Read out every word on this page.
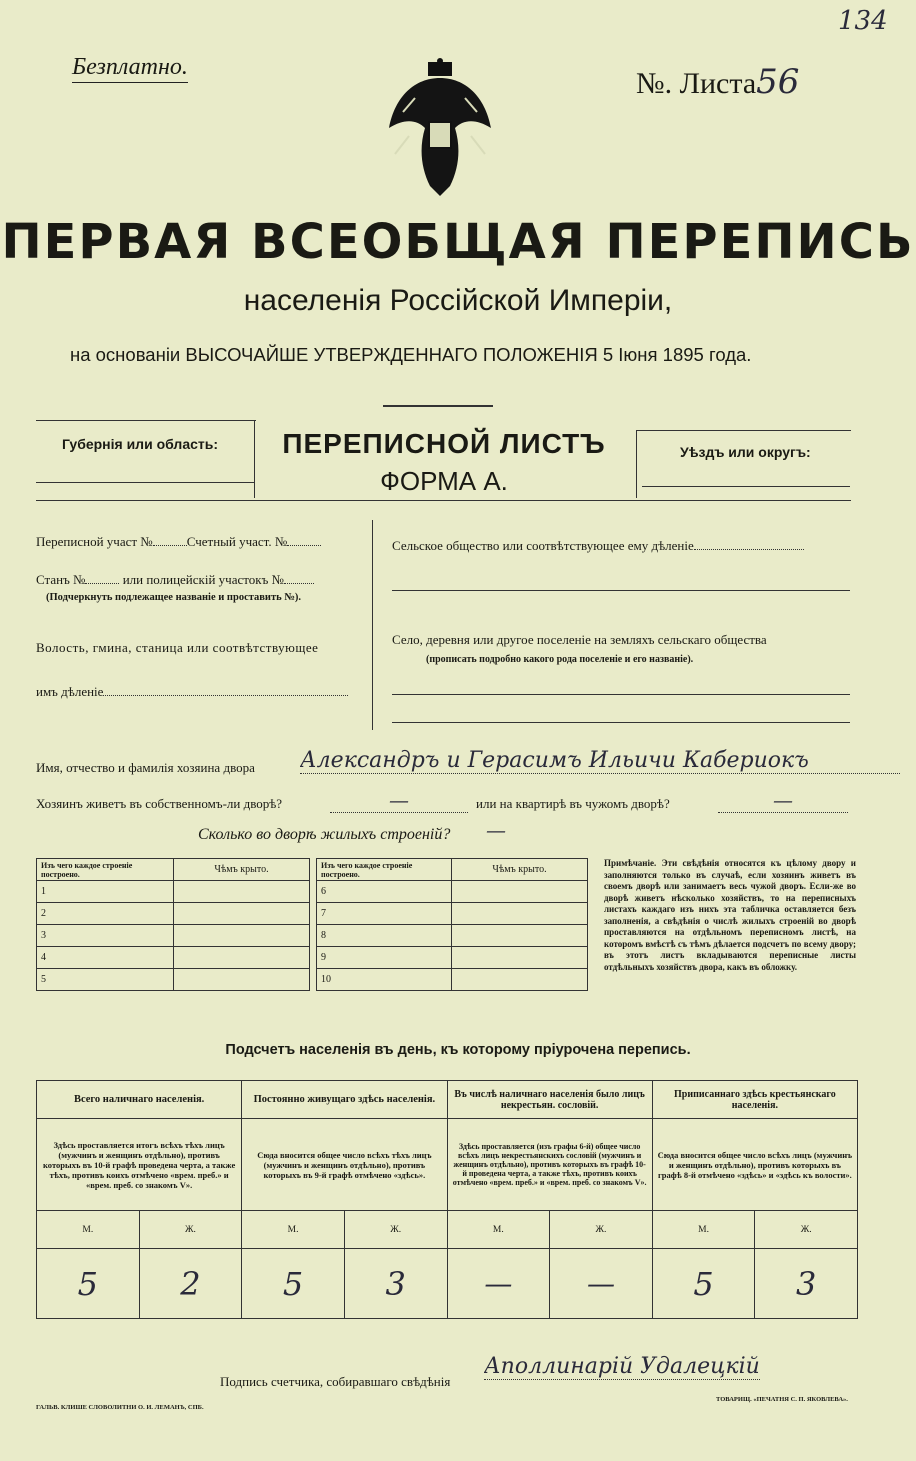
134
Безплатно.	№. Листа56
ПЕРВАЯ ВСЕОБЩАЯ ПЕРЕПИСЬ
населенія Россійской Имперіи,
на основаніи ВЫСОЧАЙШЕ УТВЕРЖДЕННАГО ПОЛОЖЕНІЯ 5 Іюня 1895 года.
Губернія или область:	ПЕРЕПИСНОЙ ЛИСТЪ
ФОРМА А.
Уѣздъ или округъ:
Переписной участ №	Счетный участ. №
Станъ №	или полицейскій участокъ №
(Подчеркнуть подлежащее названіе и проставить №).
Волость, гмина, станица или соотвѣтствующее
имъ дѣленіе
Сельское общество или соотвѣтствующее ему дѣленіе
Село, деревня или другое поселеніе на земляхъ сельскаго общества
(прописать подробно какого рода поселеніе и его названіе).
Имя, отчество и фамилія хозяина двора Александръ и Герасимъ Ильичи Кабериокъ
Хозяинъ живетъ въ собственномъ-ли дворѣ?	—	или на квартирѣ въ чужомъ дворѣ?	—
Сколько во дворѣ жилыхъ строеній? —
Изъ чего каждое строеніе построено.	Чѣмъ крыто.
1	
2	
3	
4	
5	
Изъ чего каждое строеніе построено.	Чѣмъ крыто.
6	
7	
8	
9	
10	
Примѣчаніе. Эти свѣдѣнія относятся къ цѣлому двору и заполняются только въ случаѣ, если хозяинъ живетъ въ своемъ дворѣ или занимаетъ весь чужой дворъ. Если-же во дворѣ живетъ нѣсколько хозяйствъ, то на переписныхъ листахъ каждаго изъ нихъ эта табличка оставляется безъ заполненія, а свѣдѣнія о числѣ жилыхъ строеній во дворѣ проставляются на отдѣльномъ переписномъ листѣ, на которомъ вмѣстѣ съ тѣмъ дѣлается подсчетъ по всему двору; въ этотъ листъ вкладываются переписные листы отдѣльныхъ хозяйствъ двора, какъ въ обложку.
Подсчетъ населенія въ день, къ которому пріурочена перепись.
Всего наличнаго населенія.		Постоянно живущаго здѣсь населенія.		Въ числѣ наличнаго населенія было лицъ некрестьян. сословій.		Приписаннаго здѣсь крестьянскаго населенія.	
Здѣсь проставляется итогъ всѣхъ тѣхъ лицъ (мужчинъ и женщинъ отдѣльно), противъ которыхъ въ 10-й графѣ проведена черта, а также тѣхъ, противъ коихъ отмѣчено «врем. преб.» и «врем. преб. со знакомъ V».		Сюда вносится общее число всѣхъ тѣхъ лицъ (мужчинъ и женщинъ отдѣльно), противъ которыхъ въ 9-й графѣ отмѣчено «здѣсь».		Здѣсь проставляется (изъ графы 6-й) общее число всѣхъ лицъ некрестьянскихъ сословій (мужчинъ и женщинъ отдѣльно), противъ которыхъ въ графѣ 10-й проведена черта, а также тѣхъ, противъ коихъ отмѣчено «врем. преб.» и «врем. преб. со знакомъ V».		Сюда вносится общее число всѣхъ лицъ (мужчинъ и женщинъ отдѣльно), противъ которыхъ въ графѣ 8-й отмѣчено «здѣсь» и «здѣсь къ волости».	
М.	Ж.	М.	Ж.	М.	Ж.	М.	Ж.
5	2	5	3	—	—	5	3
Подпись счетчика, собиравшаго свѣдѣнія
Аполлинарій Удалецкій
ГАЛЬВ. КЛИШЕ СЛОВОЛИТНИ О. И. ЛЕМАНЪ, СПБ.
ТОВАРИЩ. «ПЕЧАТНЯ С. П. ЯКОВЛЕВА».
